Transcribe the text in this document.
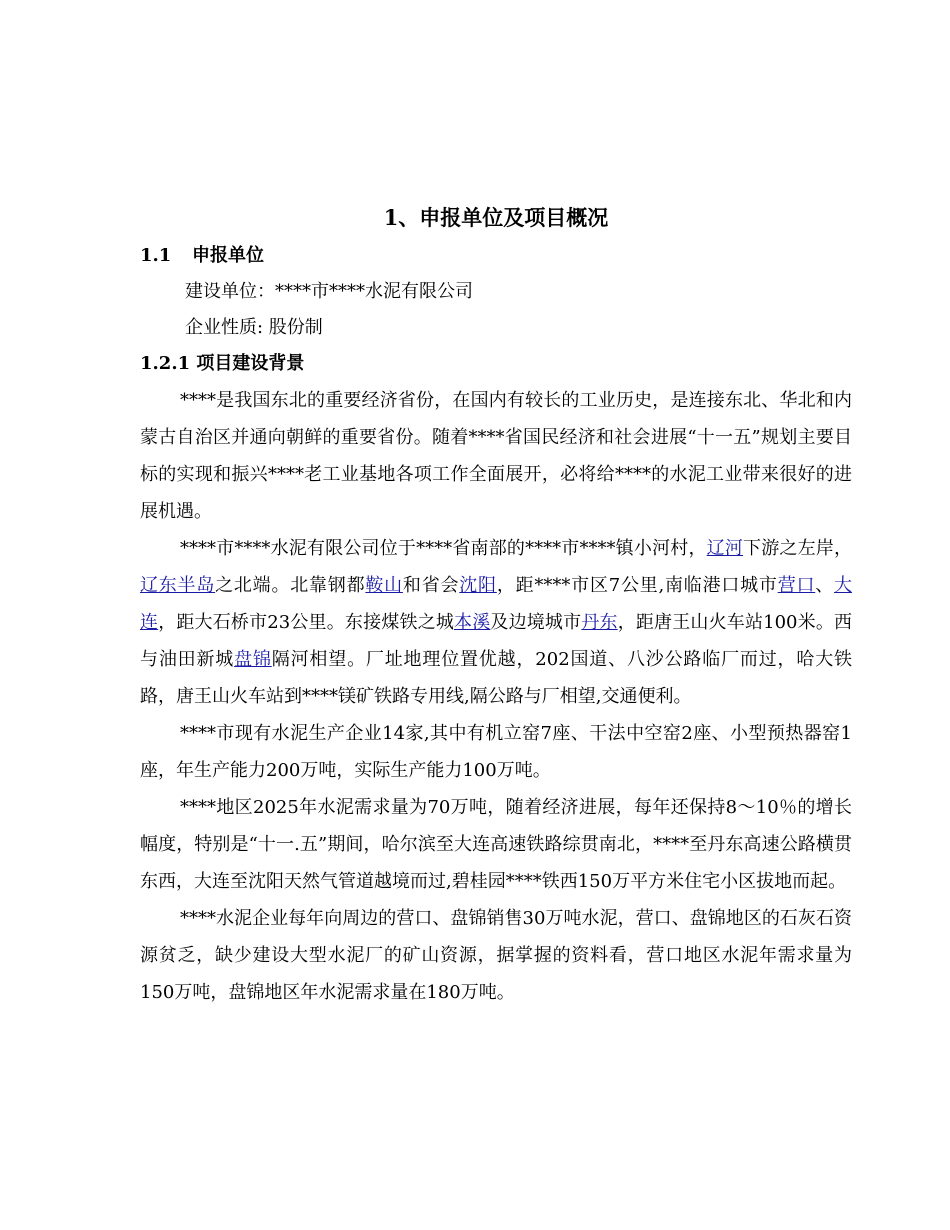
1、申报单位及项目概况
1.1 申报单位

建设单位：****市****水泥有限公司

企业性质: 股份制

1.2.1 项目建设背景

****是我国东北的重要经济省份，在国内有较长的工业历史，是连接东北、华北和内蒙古自治区并通向朝鲜的重要省份。随着****省国民经济和社会进展“十一五”规划主要目标的实现和振兴****老工业基地各项工作全面展开，必将给****的水泥工业带来很好的进展机遇。

****市****水泥有限公司位于****省南部的****市****镇小河村，辽河下游之左岸，辽东半岛之北端。北靠钢都鞍山和省会沈阳，距****市区7公里,南临港口城市营口、大连，距大石桥市23公里。东接煤铁之城本溪及边境城市丹东，距唐王山火车站100米。西与油田新城盘锦隔河相望。厂址地理位置优越，202国道、八沙公路临厂而过，哈大铁路，唐王山火车站到****镁矿铁路专用线,隔公路与厂相望,交通便利。

****市现有水泥生产企业14家,其中有机立窑7座、干法中空窑2座、小型预热器窑1座，年生产能力200万吨，实际生产能力100万吨。

****地区2025年水泥需求量为70万吨，随着经济进展，每年还保持8～10％的增长幅度，特别是“十一.五”期间，哈尔滨至大连高速铁路综贯南北，****至丹东高速公路横贯东西，大连至沈阳天然气管道越境而过,碧桂园****铁西150万平方米住宅小区拔地而起。

****水泥企业每年向周边的营口、盘锦销售30万吨水泥，营口、盘锦地区的石灰石资源贫乏，缺少建设大型水泥厂的矿山资源，据掌握的资料看，营口地区水泥年需求量为150万吨，盘锦地区年水泥需求量在180万吨。
